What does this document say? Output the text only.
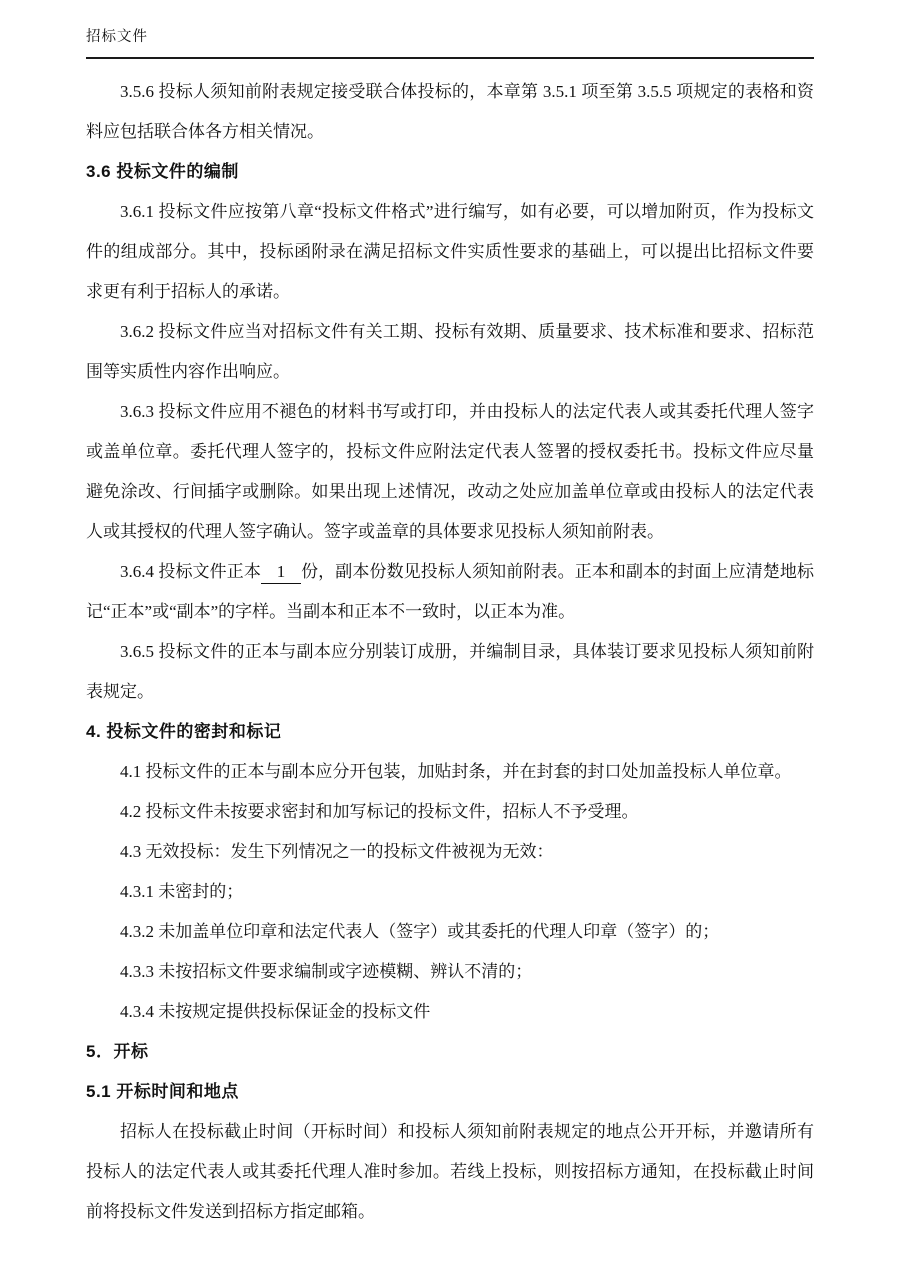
招标文件
3.5.6 投标人须知前附表规定接受联合体投标的，本章第 3.5.1 项至第 3.5.5 项规定的表格和资料应包括联合体各方相关情况。
3.6 投标文件的编制
3.6.1 投标文件应按第八章“投标文件格式”进行编写，如有必要，可以增加附页，作为投标文件的组成部分。其中，投标函附录在满足招标文件实质性要求的基础上，可以提出比招标文件要求更有利于招标人的承诺。
3.6.2 投标文件应当对招标文件有关工期、投标有效期、质量要求、技术标准和要求、招标范围等实质性内容作出响应。
3.6.3 投标文件应用不褪色的材料书写或打印，并由投标人的法定代表人或其委托代理人签字或盖单位章。委托代理人签字的，投标文件应附法定代表人签署的授权委托书。投标文件应尽量避免涂改、行间插字或删除。如果出现上述情况，改动之处应加盖单位章或由投标人的法定代表人或其授权的代理人签字确认。签字或盖章的具体要求见投标人须知前附表。
3.6.4 投标文件正本 1 份，副本份数见投标人须知前附表。正本和副本的封面上应清楚地标记“正本”或“副本”的字样。当副本和正本不一致时，以正本为准。
3.6.5 投标文件的正本与副本应分别装订成册，并编制目录，具体装订要求见投标人须知前附表规定。
4. 投标文件的密封和标记
4.1 投标文件的正本与副本应分开包装，加贴封条，并在封套的封口处加盖投标人单位章。
4.2 投标文件未按要求密封和加写标记的投标文件，招标人不予受理。
4.3 无效投标：发生下列情况之一的投标文件被视为无效：
4.3.1 未密封的；
4.3.2 未加盖单位印章和法定代表人（签字）或其委托的代理人印章（签字）的；
4.3.3 未按招标文件要求编制或字迹模糊、辨认不清的；
4.3.4 未按规定提供投标保证金的投标文件
5．开标
5.1 开标时间和地点
招标人在投标截止时间（开标时间）和投标人须知前附表规定的地点公开开标，并邀请所有投标人的法定代表人或其委托代理人准时参加。若线上投标，则按招标方通知，在投标截止时间前将投标文件发送到招标方指定邮箱。
